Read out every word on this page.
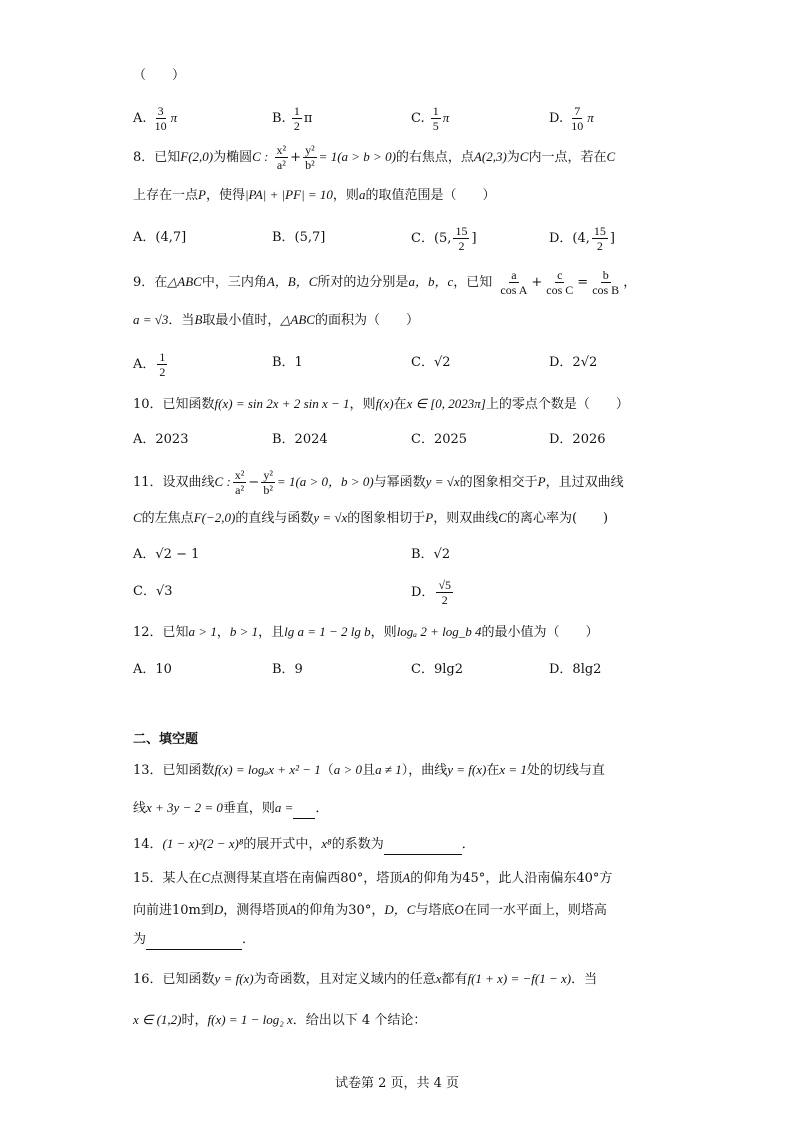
（　　）
A. $\frac{3}{10}$ π	B. $\frac{1}{2}$ π	C. $\frac{1}{5}$ π	D. $\frac{7}{10}$ π
8．已知F(2,0)为椭圆C : $\frac{\text{x²}}{\text{a²}} + \frac{\text{y²}}{\text{b²}} = 1(a > b > 0)$的右焦点，点A(2,3)为C内一点，若在C
上存在一点P，使得|PA| + |PF| = 10，则a的取值范围是（　　）
A．(4,7]	B．(5,7]	C．(5, $\frac{15}{2}$ ]	D．(4, $\frac{15}{2}$ ]
9．在△ABC中，三内角A，B，C所对的边分别是a，b，c，已知 $\frac{a}{\text{cos A}} + \frac{c}{\text{cos C}} = \frac{b}{\text{cos B}}$ ，
a = √3．当B取最小值时，△ABC的面积为（　　）
A． $\frac{1}{2}$	B．1	C．√2	D．2√2
10．已知函数f(x) = sin 2x + 2 sin x − 1，则f(x)在x ∈ [0, 2023π]上的零点个数是（　　）
A．2023	B．2024	C．2025	D．2026
11．设双曲线C : $\frac{\text{x²}}{\text{a²}} - \frac{\text{y²}}{\text{b²}} = 1(a > 0$，b > 0)与幂函数y = √x的图象相交于P，且过双曲线
C的左焦点F(−2,0)的直线与函数y = √x的图象相切于P，则双曲线C的离心率为(　　)
A．√2 − 1	B．√2
C．√3	D． $\frac{√5}{2}$
12．已知a > 1，b > 1，且lg a = 1 − 2 lg b，则logₐ 2 + log_b 4的最小值为（　　）
A．10	B．9	C．9lg2	D．8lg2
二、填空题
13．已知函数f(x) = logₐx + x² − 1（a > 0且a ≠ 1），曲线y = f(x)在x = 1处的切线与直
线x + 3y − 2 = 0垂直，则a = ．
14．(1 − x)²(2 − x)⁸的展开式中，x⁸的系数为	．
15．某人在C点测得某直塔在南偏西80°，塔顶A的仰角为45°，此人沿南偏东40°方
向前进10m到D，测得塔顶A的仰角为30°，D，C与塔底O在同一水平面上，则塔高
为	．
16．已知函数y = f(x)为奇函数，且对定义域内的任意x都有f(1 + x) = −f(1 − x)．当
x ∈ (1,2)时，f(x) = 1 − log₂ x．给出以下 4 个结论：
试卷第 2 页，共 4 页
